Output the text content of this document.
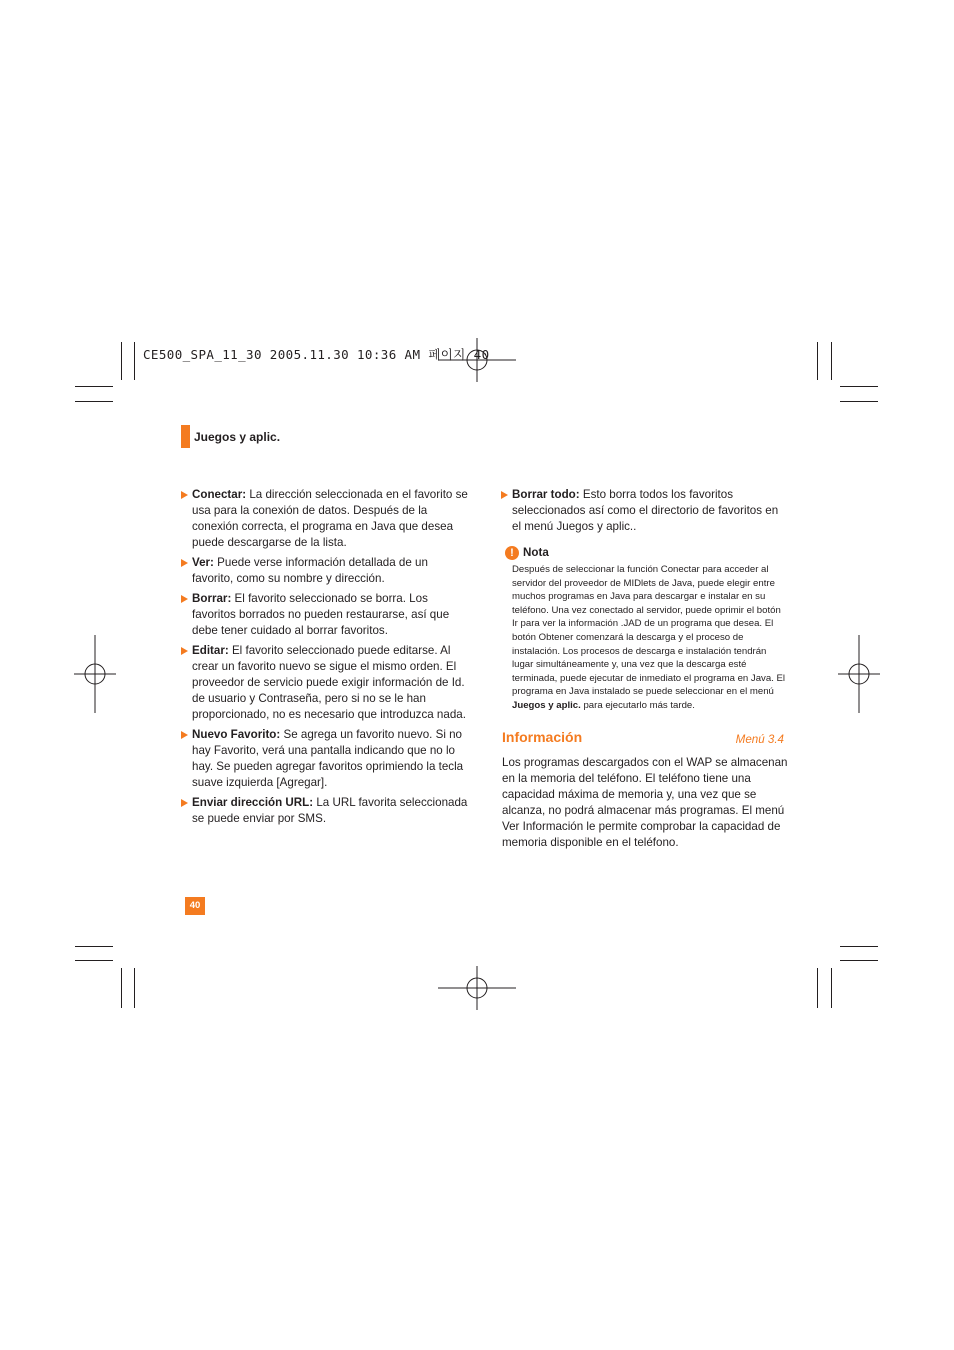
CE500_SPA_11_30 2005.11.30 10:36 AM 페이지 40
Juegos y aplic.
Conectar: La dirección seleccionada en el favorito se usa para la conexión de datos. Después de la conexión correcta, el programa en Java que desea puede descargarse de la lista.
Ver: Puede verse información detallada de un favorito, como su nombre y dirección.
Borrar: El favorito seleccionado se borra. Los favoritos borrados no pueden restaurarse, así que debe tener cuidado al borrar favoritos.
Editar: El favorito seleccionado puede editarse. Al crear un favorito nuevo se sigue el mismo orden. El proveedor de servicio puede exigir información de Id. de usuario y Contraseña, pero si no se le han proporcionado, no es necesario que introduzca nada.
Nuevo Favorito: Se agrega un favorito nuevo. Si no hay Favorito, verá una pantalla indicando que no lo hay. Se pueden agregar favoritos oprimiendo la tecla suave izquierda [Agregar].
Enviar dirección URL: La URL favorita seleccionada se puede enviar por SMS.
Borrar todo: Esto borra todos los favoritos seleccionados así como el directorio de favoritos en el menú Juegos y aplic..
! Nota
Después de seleccionar la función Conectar para acceder al servidor del proveedor de MIDlets de Java, puede elegir entre muchos programas en Java para descargar e instalar en su teléfono. Una vez conectado al servidor, puede oprimir el botón Ir para ver la información .JAD de un programa que desea. El botón Obtener comenzará la descarga y el proceso de instalación. Los procesos de descarga e instalación tendrán lugar simultáneamente y, una vez que la descarga esté terminada, puede ejecutar de inmediato el programa en Java. El programa en Java instalado se puede seleccionar en el menú Juegos y aplic. para ejecutarlo más tarde.
Información	Menú 3.4
Los programas descargados con el WAP se almacenan en la memoria del teléfono. El teléfono tiene una capacidad máxima de memoria y, una vez que se alcanza, no podrá almacenar más programas. El menú Ver Información le permite comprobar la capacidad de memoria disponible en el teléfono.
40
